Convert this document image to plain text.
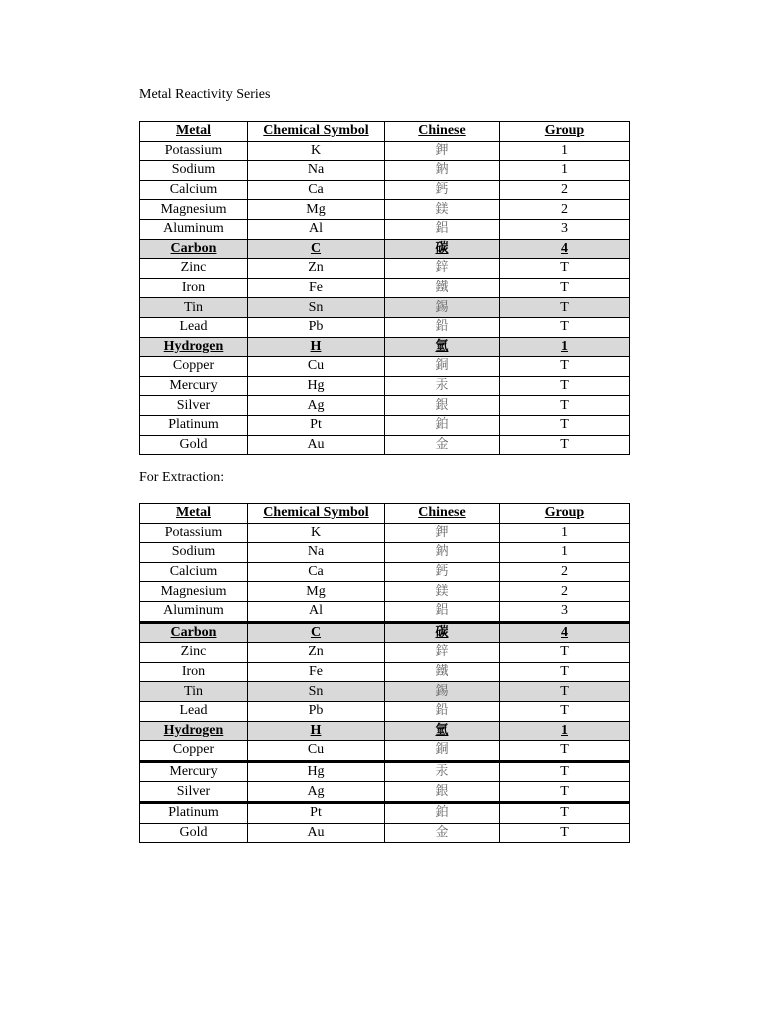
Metal Reactivity Series

Metal	Chemical Symbol	Chinese	Group
Potassium	K	鉀	1
Sodium	Na	鈉	1
Calcium	Ca	鈣	2
Magnesium	Mg	鎂	2
Aluminum	Al	鋁	3
Carbon	C	碳	4
Zinc	Zn	鋅	T
Iron	Fe	鐵	T
Tin	Sn	錫	T
Lead	Pb	鉛	T
Hydrogen	H	氫	1
Copper	Cu	銅	T
Mercury	Hg	汞	T
Silver	Ag	銀	T
Platinum	Pt	鉑	T
Gold	Au	金	T

For Extraction:

Metal	Chemical Symbol	Chinese	Group
Potassium	K	鉀	1
Sodium	Na	鈉	1
Calcium	Ca	鈣	2
Magnesium	Mg	鎂	2
Aluminum	Al	鋁	3
Carbon	C	碳	4
Zinc	Zn	鋅	T
Iron	Fe	鐵	T
Tin	Sn	錫	T
Lead	Pb	鉛	T
Hydrogen	H	氫	1
Copper	Cu	銅	T
Mercury	Hg	汞	T
Silver	Ag	銀	T
Platinum	Pt	鉑	T
Gold	Au	金	T
